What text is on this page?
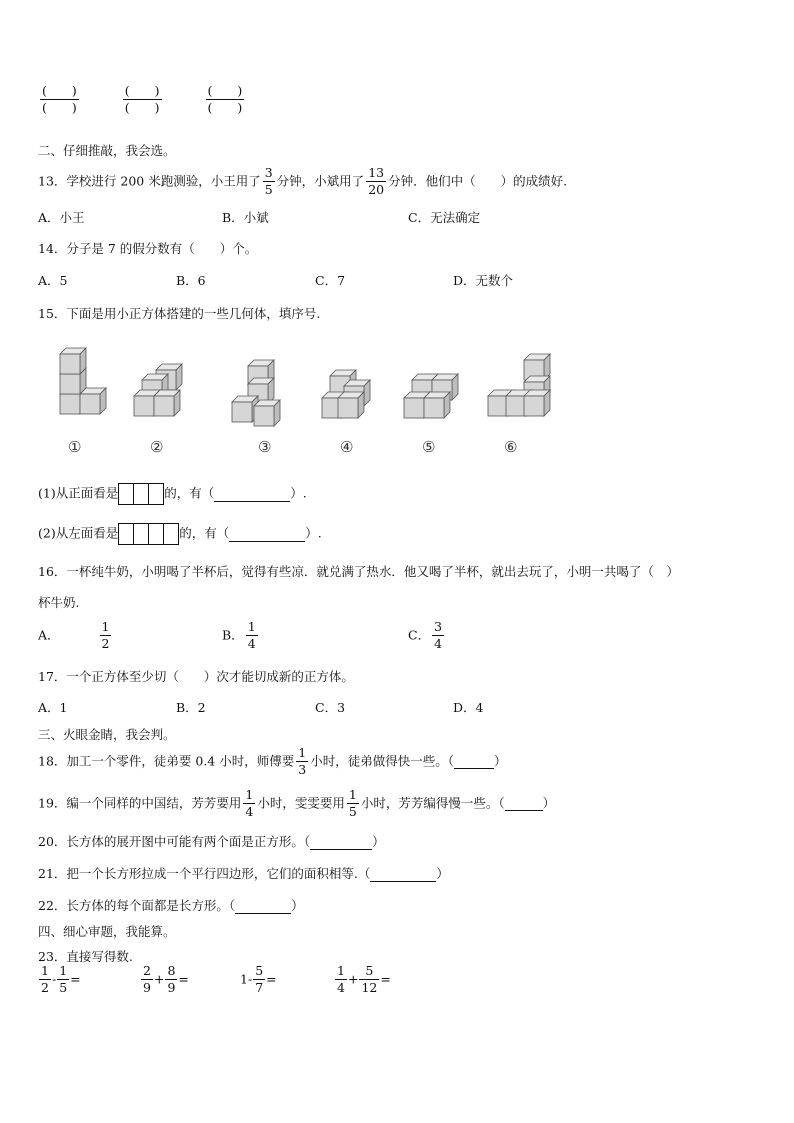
(　　)
(　　)

(　　)
(　　)

(　　)
(　　)
二、仔细推敲，我会选。
13．学校进行 200 米跑测验，小王用了 $\frac{3}{5}$ 分钟，小斌用了 $\frac{13}{20}$ 分钟．他们中（　　）的成绩好.
A．小王	B．小斌	C．无法确定
14．分子是 7 的假分数有（　　）个。
A．5	B．6	C．7	D．无数个
15．下面是用小正方体搭建的一些几何体，填序号.
①	②	③	④	⑤	⑥
(1)从正面看是	的，有（	）.
(2)从左面看是	的，有（	）.
16．一杯纯牛奶，小明喝了半杯后，觉得有些凉．就兑满了热水．他又喝了半杯，就出去玩了，小明一共喝了（　）
杯牛奶.
A．	$\frac{1}{2}$	B． $\frac{1}{4}$	C． $\frac{3}{4}$
17．一个正方体至少切（　　）次才能切成新的正方体。
A．1	B．2	C．3	D．4
三、火眼金睛，我会判。
18．加工一个零件，徒弟要 0.4 小时，师傅要 $\frac{1}{3}$ 小时，徒弟做得快一些。（	）
19．编一个同样的中国结，芳芳要用 $\frac{1}{4}$ 小时，雯雯要用 $\frac{1}{5}$ 小时，芳芳编得慢一些。（	）
20．长方体的展开图中可能有两个面是正方形。（	）
21．把一个长方形拉成一个平行四边形，它们的面积相等.（	）
22．长方体的每个面都是长方形。（	）
四、细心审题，我能算。
23．直接写得数.
$\frac{1}{2} - \frac{1}{5}$ =	$\frac{2}{9} + \frac{8}{9}$ =	$1- \frac{5}{7}$ =	$\frac{1}{4} + \frac{5}{12}$ =
